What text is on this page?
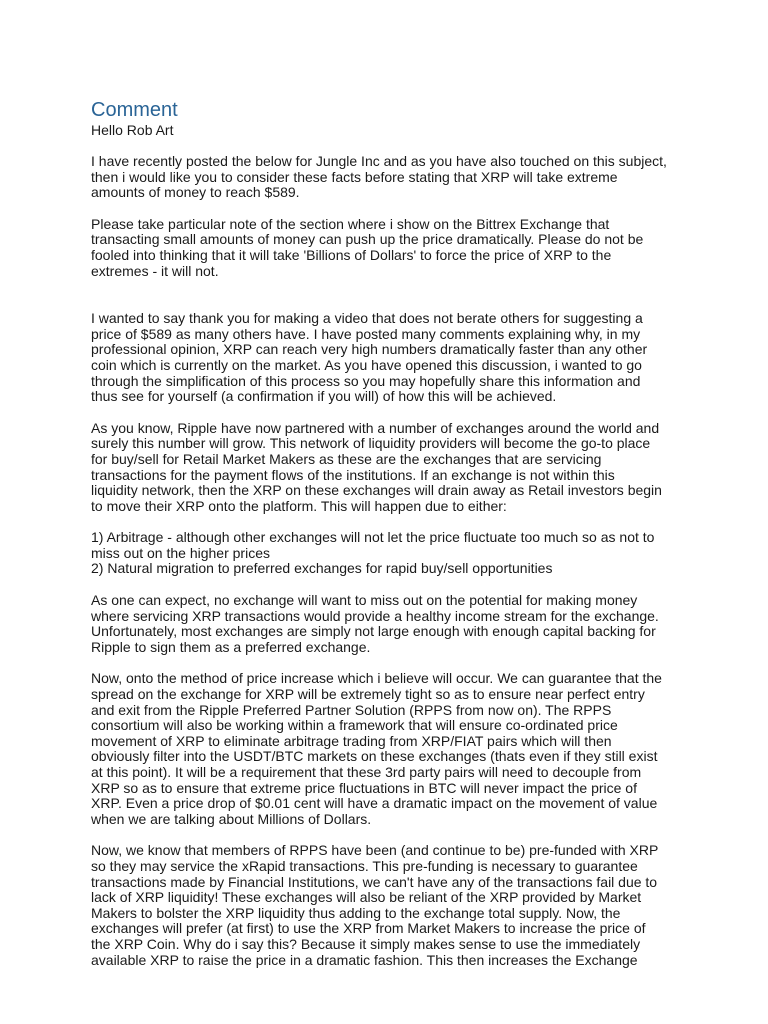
Comment

Hello Rob Art

I have recently posted the below for Jungle Inc and as you have also touched on this subject,
then i would like you to consider these facts before stating that XRP will take extreme
amounts of money to reach $589.

Please take particular note of the section where i show on the Bittrex Exchange that
transacting small amounts of money can push up the price dramatically. Please do not be
fooled into thinking that it will take 'Billions of Dollars' to force the price of XRP to the
extremes - it will not.

I wanted to say thank you for making a video that does not berate others for suggesting a
price of $589 as many others have. I have posted many comments explaining why, in my
professional opinion, XRP can reach very high numbers dramatically faster than any other
coin which is currently on the market. As you have opened this discussion, i wanted to go
through the simplification of this process so you may hopefully share this information and
thus see for yourself (a confirmation if you will) of how this will be achieved.

As you know, Ripple have now partnered with a number of exchanges around the world and
surely this number will grow. This network of liquidity providers will become the go-to place
for buy/sell for Retail Market Makers as these are the exchanges that are servicing
transactions for the payment flows of the institutions. If an exchange is not within this
liquidity network, then the XRP on these exchanges will drain away as Retail investors begin
to move their XRP onto the platform. This will happen due to either:

1) Arbitrage - although other exchanges will not let the price fluctuate too much so as not to
miss out on the higher prices

2) Natural migration to preferred exchanges for rapid buy/sell opportunities

As one can expect, no exchange will want to miss out on the potential for making money
where servicing XRP transactions would provide a healthy income stream for the exchange.
Unfortunately, most exchanges are simply not large enough with enough capital backing for
Ripple to sign them as a preferred exchange.

Now, onto the method of price increase which i believe will occur. We can guarantee that the
spread on the exchange for XRP will be extremely tight so as to ensure near perfect entry
and exit from the Ripple Preferred Partner Solution (RPPS from now on). The RPPS
consortium will also be working within a framework that will ensure co-ordinated price
movement of XRP to eliminate arbitrage trading from XRP/FIAT pairs which will then
obviously filter into the USDT/BTC markets on these exchanges (thats even if they still exist
at this point). It will be a requirement that these 3rd party pairs will need to decouple from
XRP so as to ensure that extreme price fluctuations in BTC will never impact the price of
XRP. Even a price drop of $0.01 cent will have a dramatic impact on the movement of value
when we are talking about Millions of Dollars.

Now, we know that members of RPPS have been (and continue to be) pre-funded with XRP
so they may service the xRapid transactions. This pre-funding is necessary to guarantee
transactions made by Financial Institutions, we can't have any of the transactions fail due to
lack of XRP liquidity! These exchanges will also be reliant of the XRP provided by Market
Makers to bolster the XRP liquidity thus adding to the exchange total supply. Now, the
exchanges will prefer (at first) to use the XRP from Market Makers to increase the price of
the XRP Coin. Why do i say this? Because it simply makes sense to use the immediately
available XRP to raise the price in a dramatic fashion. This then increases the Exchange
